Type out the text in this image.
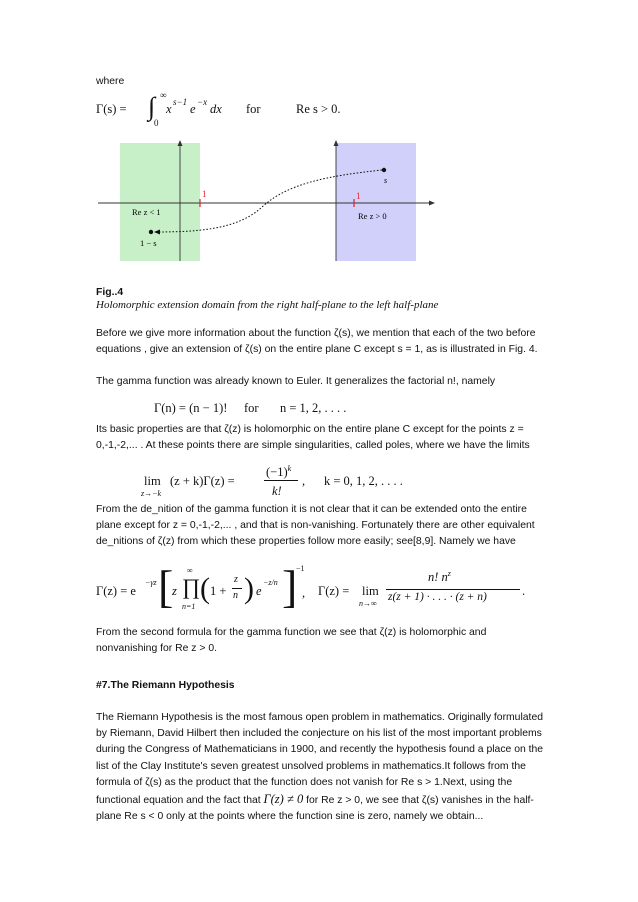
where
Γ(s) = ∫ ∞
0
x s−1 e −x dx for	Re s > 0.
1	1
s
Re z < 1	Re z > 0
1 − s
Fig..4
Holomorphic extension domain from the right half-plane to the left half-plane

Before we give more information about the function ζ(s), we mention that each of the two before equations , give an extension of ζ(s) on the entire plane C except s = 1, as is illustrated in Fig. 4.

The gamma function was already known to Euler. It generalizes the factorial n!, namely

Γ(n) = (n − 1)! for n = 1, 2, . . . .

Its basic properties are that ζ(z) is holomorphic on the entire plane C except for the points z = 0,-1,-2,... . At these points there are simple singularities, called poles, where we have the limits

lim
z→−k
(z + k)Γ(z) =
$(-1)^k$
k!
, k = 0, 1, 2, . . . .

From the de_nition of the gamma function it is not clear that it can be extended onto the entire plane except for z = 0,-1,-2,... , and that is non-vanishing. Fortunately there are other equivalent de_nitions of ζ(z) from which these properties follow more easily; see[8,9]. Namely we have

Γ(z) = e
−γz [
z
∞
∏
n=1
( 1 +
z
n ) e
−z/n ]
−1
, Γ(z) = lim
n→∞
n! $n^z$
z(z + 1) · . . . · (z + n)	.

From the second formula for the gamma function we see that ζ(z) is holomorphic and nonvanishing for Re z > 0.

#7.The Riemann Hypothesis

The Riemann Hypothesis is the most famous open problem in mathematics. Originally formulated by Riemann, David Hilbert then included the conjecture on his list of the most important problems during the Congress of Mathematicians in 1900, and recently the hypothesis found a place on the list of the Clay Institute's seven greatest unsolved problems in mathematics.It follows from the formula of ζ(s) as the product that the function does not vanish for Re s > 1.Next, using the functional equation and the fact that Γ(z) ≠ 0 for Re z > 0, we see that ζ(s) vanishes in the half-plane Re s < 0 only at the points where the function sine is zero, namely we obtain...
